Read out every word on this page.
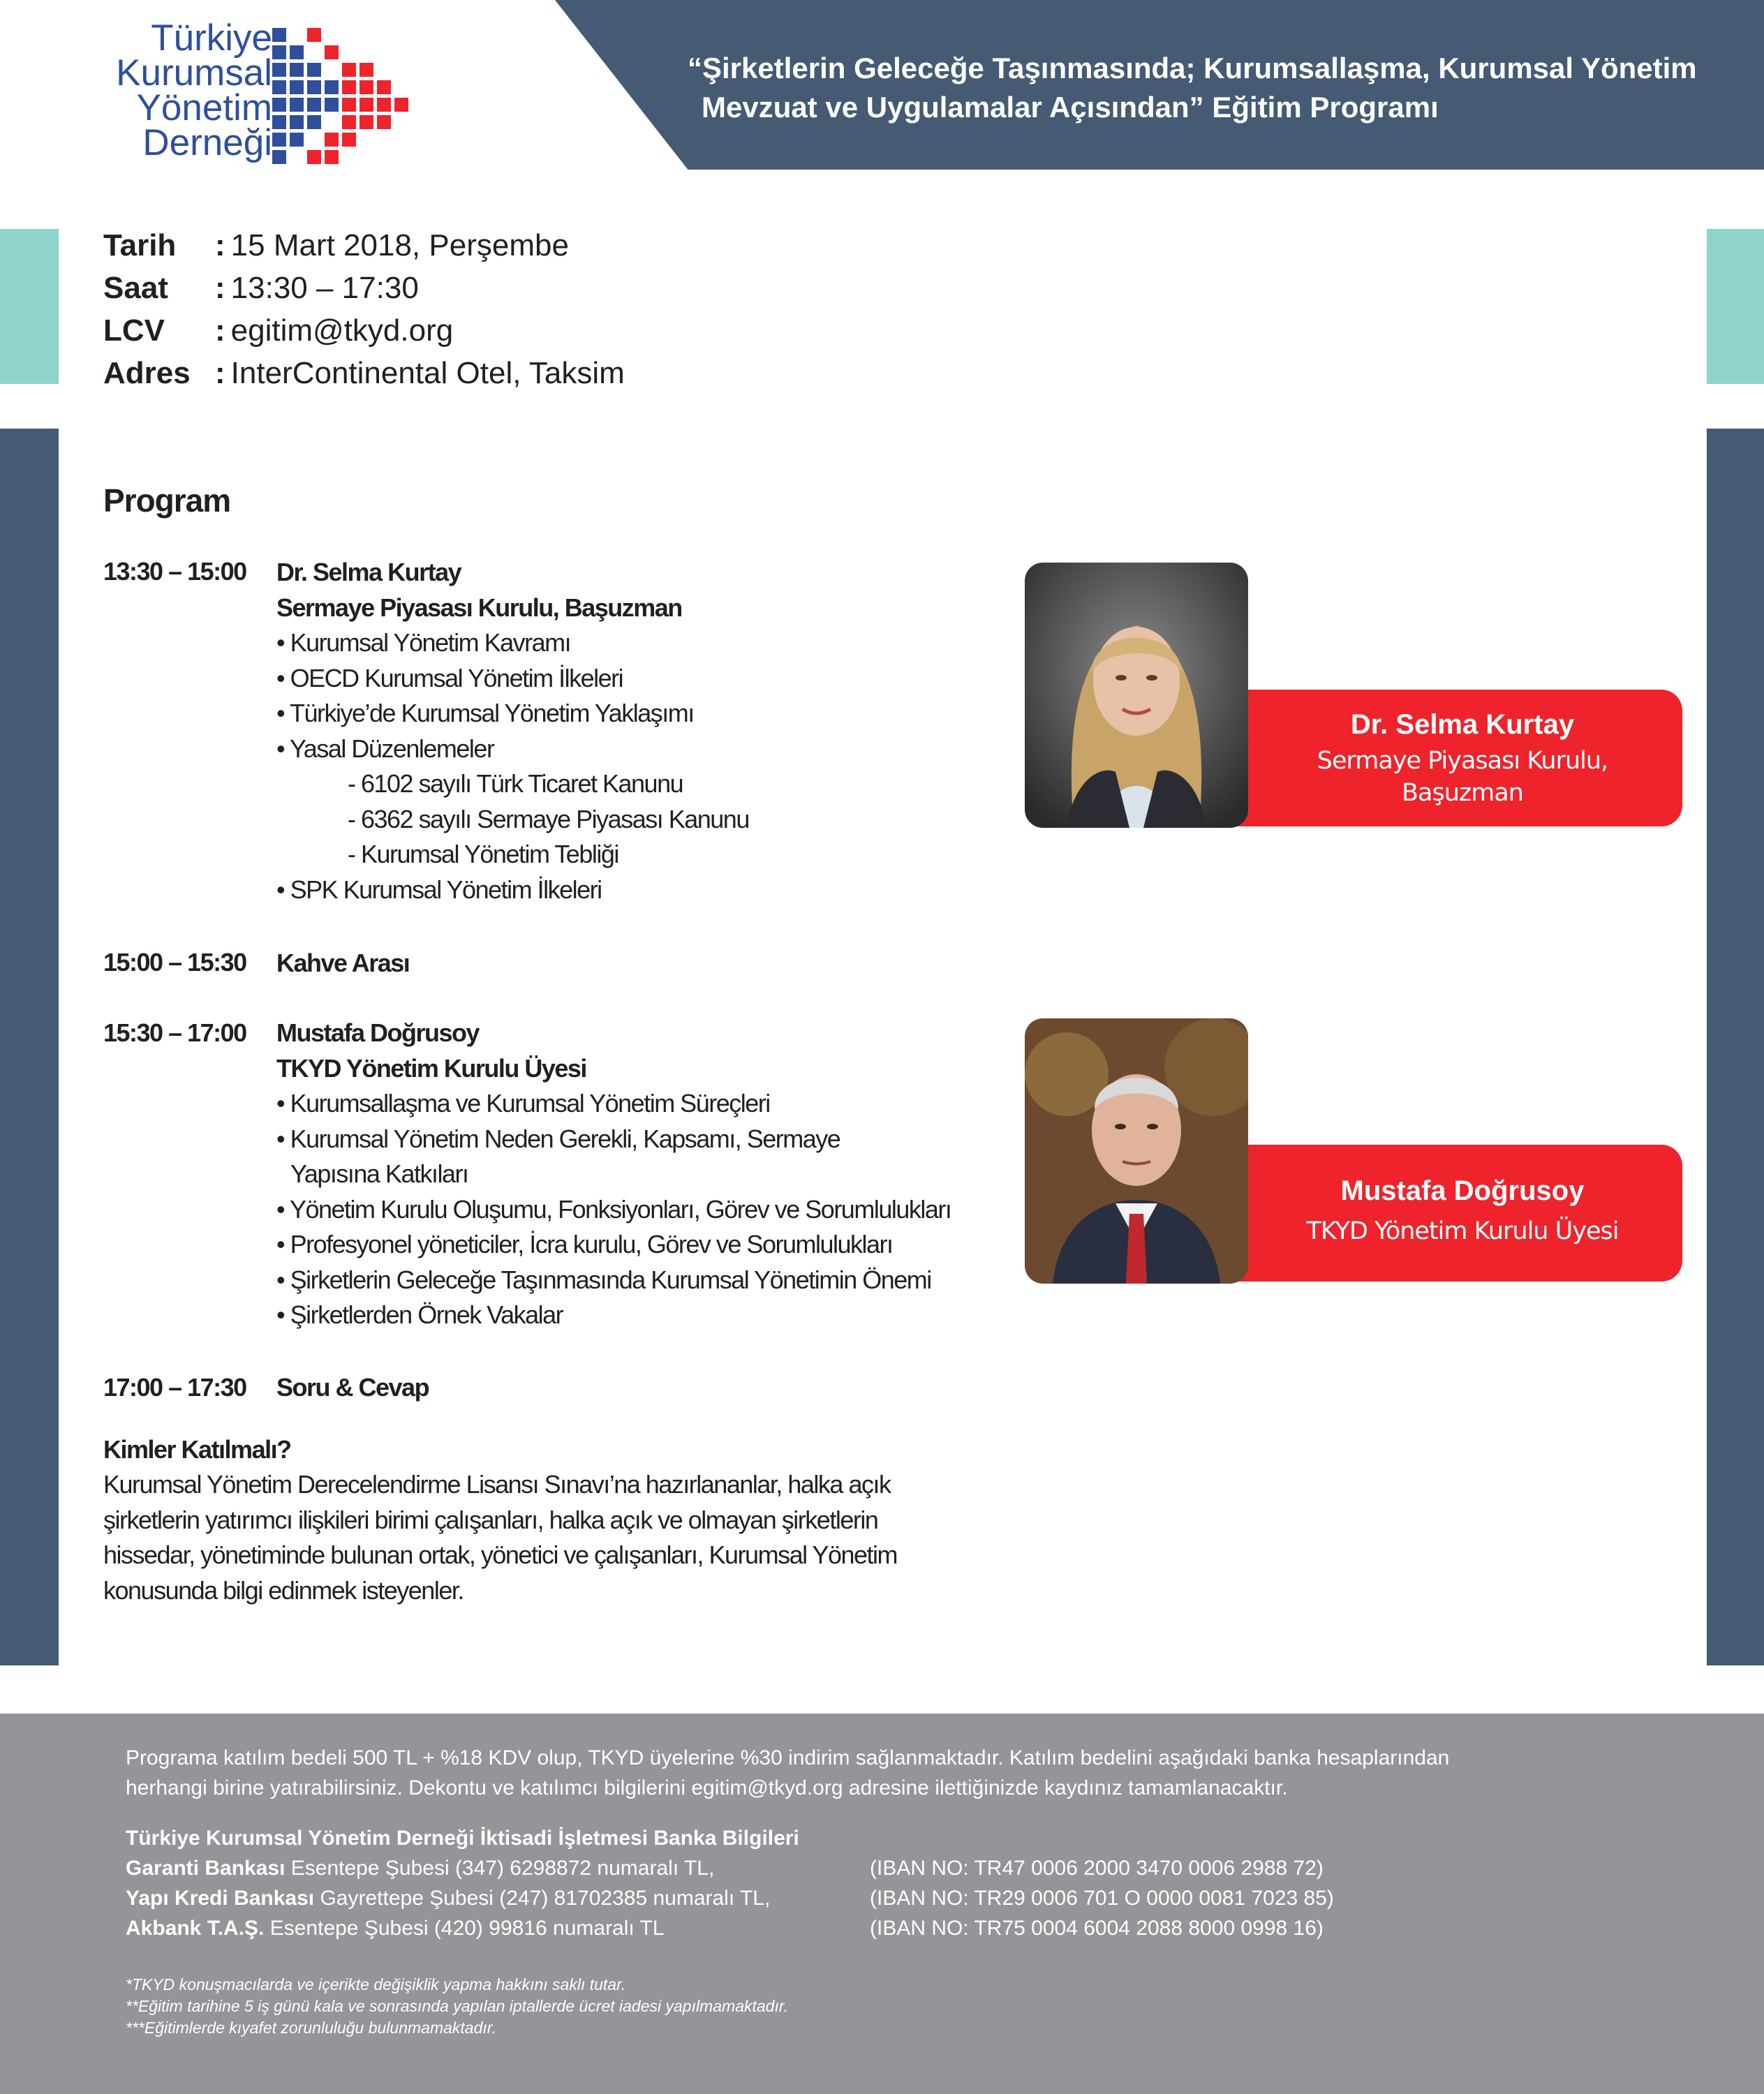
“Şirketlerin Geleceğe Taşınmasında; Kurumsallaşma, Kurumsal Yönetim
Mevzuat ve Uygulamalar Açısından” Eğitim Programı
Türkiye
Kurumsal
Yönetim
Derneği
Tarih : 15 Mart 2018, Perşembe
Saat : 13:30 – 17:30
LCV : egitim@tkyd.org
Adres : InterContinental Otel, Taksim
Program
13:30 – 15:00 Dr. Selma Kurtay
Sermaye Piyasası Kurulu, Başuzman
• Kurumsal Yönetim Kavramı
• OECD Kurumsal Yönetim İlkeleri
• Türkiye’de Kurumsal Yönetim Yaklaşımı
• Yasal Düzenlemeler
- 6102 sayılı Türk Ticaret Kanunu
- 6362 sayılı Sermaye Piyasası Kanunu
- Kurumsal Yönetim Tebliği
• SPK Kurumsal Yönetim İlkeleri
15:00 – 15:30 Kahve Arası
15:30 – 17:00 Mustafa Doğrusoy
TKYD Yönetim Kurulu Üyesi
• Kurumsallaşma ve Kurumsal Yönetim Süreçleri
• Kurumsal Yönetim Neden Gerekli, Kapsamı, Sermaye
Yapısına Katkıları
• Yönetim Kurulu Oluşumu, Fonksiyonları, Görev ve Sorumlulukları
• Profesyonel yöneticiler, İcra kurulu, Görev ve Sorumlulukları
• Şirketlerin Geleceğe Taşınmasında Kurumsal Yönetimin Önemi
• Şirketlerden Örnek Vakalar
17:00 – 17:30 Soru & Cevap
Dr. Selma Kurtay
Sermaye Piyasası Kurulu,
Başuzman
Mustafa Doğrusoy
TKYD Yönetim Kurulu Üyesi
Kimler Katılmalı?
Kurumsal Yönetim Derecelendirme Lisansı Sınavı’na hazırlananlar, halka açık
şirketlerin yatırımcı ilişkileri birimi çalışanları, halka açık ve olmayan şirketlerin
hissedar, yönetiminde bulunan ortak, yönetici ve çalışanları, Kurumsal Yönetim
konusunda bilgi edinmek isteyenler.
Programa katılım bedeli 500 TL + %18 KDV olup, TKYD üyelerine %30 indirim sağlanmaktadır. Katılım bedelini aşağıdaki banka hesaplarından
herhangi birine yatırabilirsiniz. Dekontu ve katılımcı bilgilerini egitim@tkyd.org adresine ilettiğinizde kaydınız tamamlanacaktır.
Türkiye Kurumsal Yönetim Derneği İktisadi İşletmesi Banka Bilgileri
Garanti Bankası Esentepe Şubesi (347) 6298872 numaralı TL,
Yapı Kredi Bankası Gayrettepe Şubesi (247) 81702385 numaralı TL,
Akbank T.A.Ş. Esentepe Şubesi (420) 99816 numaralı TL
(IBAN NO: TR47 0006 2000 3470 0006 2988 72)
(IBAN NO: TR29 0006 701 O 0000 0081 7023 85)
(IBAN NO: TR75 0004 6004 2088 8000 0998 16)
*TKYD konuşmacılarda ve içerikte değişiklik yapma hakkını saklı tutar.
**Eğitim tarihine 5 iş günü kala ve sonrasında yapılan iptallerde ücret iadesi yapılmamaktadır.
***Eğitimlerde kıyafet zorunluluğu bulunmamaktadır.
